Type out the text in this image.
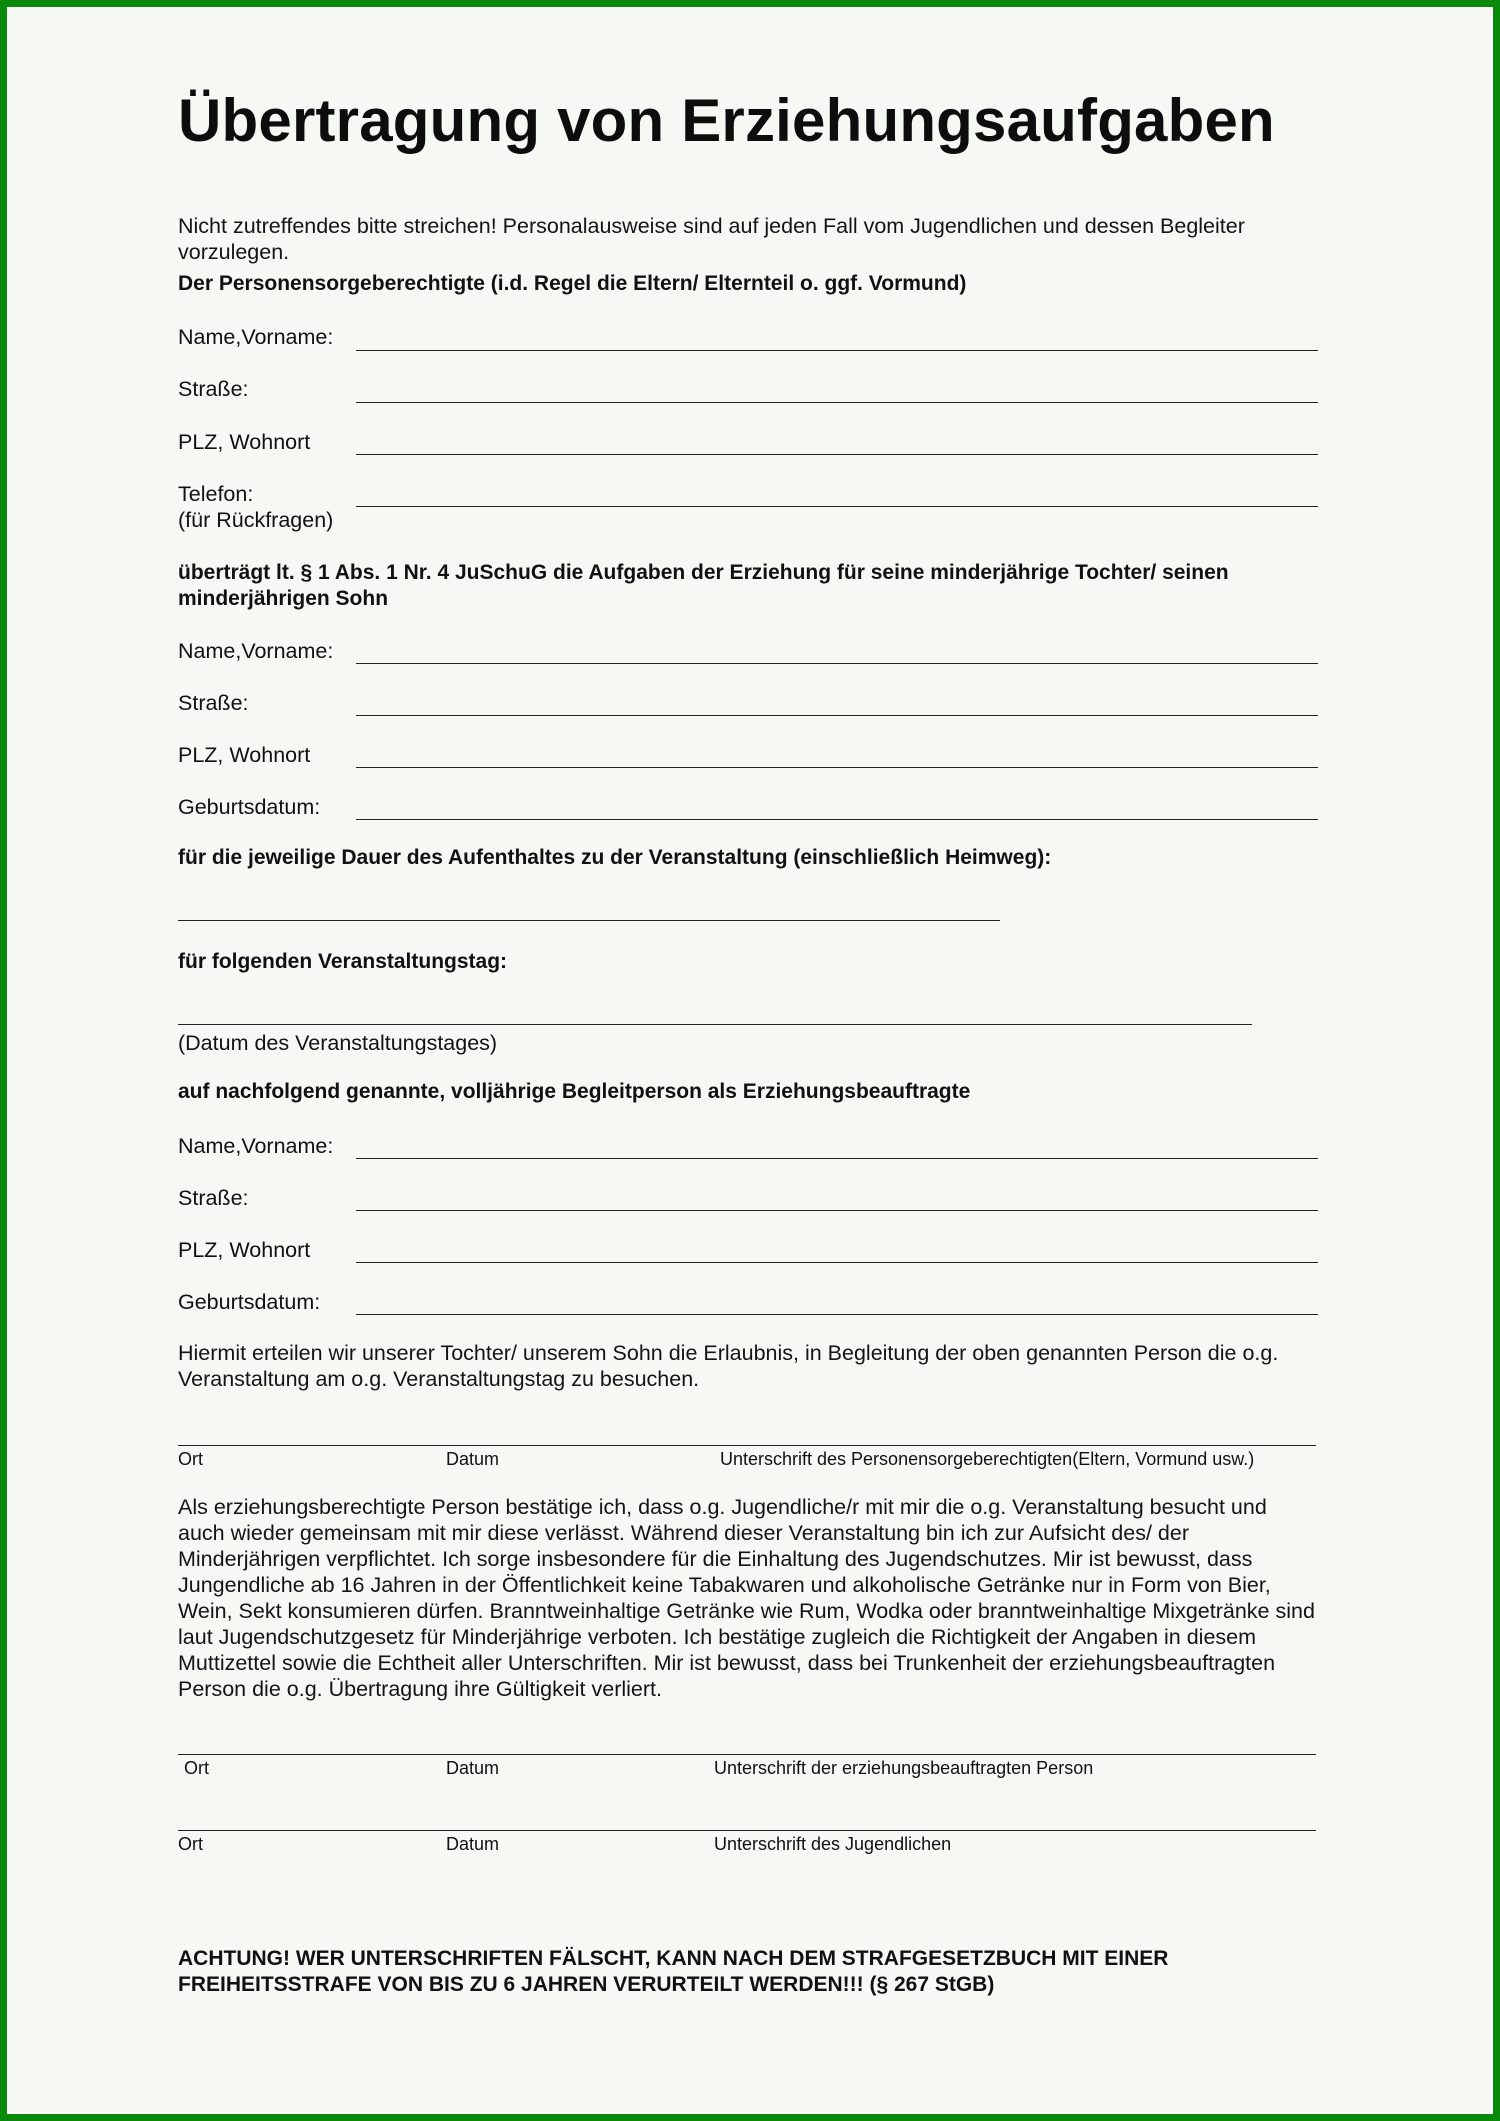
Übertragung von Erziehungsaufgaben
Nicht zutreffendes bitte streichen! Personalausweise sind auf jeden Fall vom Jugendlichen und dessen Begleiter vorzulegen.
Der Personensorgeberechtigte (i.d. Regel die Eltern/ Elternteil o. ggf. Vormund)
Name,Vorname:
Straße:
PLZ, Wohnort
Telefon:
(für Rückfragen)
überträgt lt. § 1 Abs. 1 Nr. 4 JuSchuG die Aufgaben der Erziehung für seine minderjährige Tochter/ seinen minderjährigen Sohn
Name,Vorname:
Straße:
PLZ, Wohnort
Geburtsdatum:
für die jeweilige Dauer des Aufenthaltes zu der Veranstaltung (einschließlich Heimweg):
für folgenden Veranstaltungstag:
(Datum des Veranstaltungstages)
auf nachfolgend genannte, volljährige Begleitperson als Erziehungsbeauftragte
Name,Vorname:
Straße:
PLZ, Wohnort
Geburtsdatum:
Hiermit erteilen wir unserer Tochter/ unserem Sohn die Erlaubnis, in Begleitung der oben genannten Person die o.g. Veranstaltung am o.g. Veranstaltungstag zu besuchen.
Ort	Datum	Unterschrift des Personensorgeberechtigten(Eltern, Vormund usw.)
Als erziehungsberechtigte Person bestätige ich, dass o.g. Jugendliche/r mit mir die o.g. Veranstaltung besucht und auch wieder gemeinsam mit mir diese verlässt. Während dieser Veranstaltung bin ich zur Aufsicht des/ der Minderjährigen verpflichtet. Ich sorge insbesondere für die Einhaltung des Jugendschutzes. Mir ist bewusst, dass Jungendliche ab 16 Jahren in der Öffentlichkeit keine Tabakwaren und alkoholische Getränke nur in Form von Bier, Wein, Sekt konsumieren dürfen. Branntweinhaltige Getränke wie Rum, Wodka oder branntweinhaltige Mixgetränke sind laut Jugendschutzgesetz für Minderjährige verboten. Ich bestätige zugleich die Richtigkeit der Angaben in diesem Muttizettel sowie die Echtheit aller Unterschriften. Mir ist bewusst, dass bei Trunkenheit der erziehungsbeauftragten Person die o.g. Übertragung ihre Gültigkeit verliert.
Ort	Datum	Unterschrift der erziehungsbeauftragten Person
Ort	Datum	Unterschrift des Jugendlichen
ACHTUNG! WER UNTERSCHRIFTEN FÄLSCHT, KANN NACH DEM STRAFGESETZBUCH MIT EINER FREIHEITSSTRAFE VON BIS ZU 6 JAHREN VERURTEILT WERDEN!!! (§ 267 StGB)
